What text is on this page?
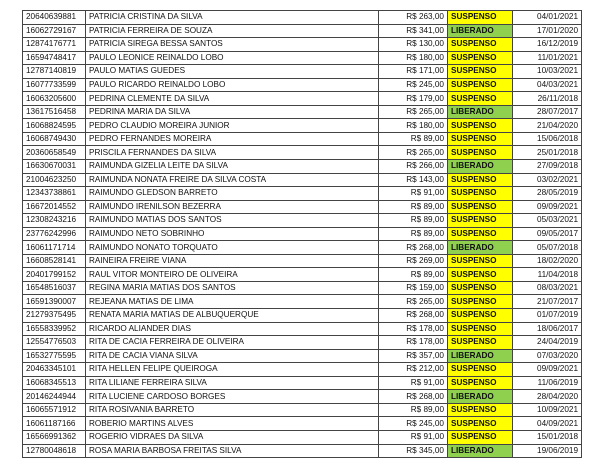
20640639881	PATRICIA CRISTINA DA SILVA	R$ 263,00	SUSPENSO	04/01/2021
16062729167	PATRICIA FERREIRA DE SOUZA	R$ 341,00	LIBERADO	17/01/2020
12874176771	PATRICIA SIREGA BESSA SANTOS	R$ 130,00	SUSPENSO	16/12/2019
16594748417	PAULO LEONICE REINALDO LOBO	R$ 180,00	SUSPENSO	11/01/2021
12787140819	PAULO MATIAS GUEDES	R$ 171,00	SUSPENSO	10/03/2021
16077733599	PAULO RICARDO REINALDO LOBO	R$ 245,00	SUSPENSO	04/03/2021
16063205600	PEDRINA CLEMENTE DA SILVA	R$ 179,00	SUSPENSO	26/11/2018
13617516458	PEDRINA MARIA DA SILVA	R$ 265,00	LIBERADO	28/07/2017
16068824595	PEDRO CLAUDIO MOREIRA JUNIOR	R$ 180,00	SUSPENSO	21/04/2020
16068749430	PEDRO FERNANDES MOREIRA	R$ 89,00	SUSPENSO	15/06/2018
20360658549	PRISCILA FERNANDES DA SILVA	R$ 265,00	SUSPENSO	25/01/2018
16630670031	RAIMUNDA GIZELIA LEITE DA SILVA	R$ 266,00	LIBERADO	27/09/2018
21004623250	RAIMUNDA NONATA FREIRE DA SILVA COSTA	R$ 143,00	SUSPENSO	03/02/2021
12343738861	RAIMUNDO GLEDSON BARRETO	R$ 91,00	SUSPENSO	28/05/2019
16672014552	RAIMUNDO IRENILSON BEZERRA	R$ 89,00	SUSPENSO	09/09/2021
12308243216	RAIMUNDO MATIAS DOS SANTOS	R$ 89,00	SUSPENSO	05/03/2021
23776242996	RAIMUNDO NETO SOBRINHO	R$ 89,00	SUSPENSO	09/05/2017
16061171714	RAIMUNDO NONATO TORQUATO	R$ 268,00	LIBERADO	05/07/2018
16608528141	RAINEIRA FREIRE VIANA	R$ 269,00	SUSPENSO	18/02/2020
20401799152	RAUL VITOR MONTEIRO DE OLIVEIRA	R$ 89,00	SUSPENSO	11/04/2018
16548516037	REGINA MARIA MATIAS DOS SANTOS	R$ 159,00	SUSPENSO	08/03/2021
16591390007	REJEANA MATIAS DE LIMA	R$ 265,00	SUSPENSO	21/07/2017
21279375495	RENATA MARIA MATIAS DE ALBUQUERQUE	R$ 268,00	SUSPENSO	01/07/2019
16558339952	RICARDO ALIANDER DIAS	R$ 178,00	SUSPENSO	18/06/2017
12554776503	RITA DE CACIA FERREIRA DE OLIVEIRA	R$ 178,00	SUSPENSO	24/04/2019
16532775595	RITA DE CACIA VIANA SILVA	R$ 357,00	LIBERADO	07/03/2020
20463345101	RITA HELLEN FELIPE QUEIROGA	R$ 212,00	SUSPENSO	09/09/2021
16068345513	RITA LILIANE FERREIRA SILVA	R$ 91,00	SUSPENSO	11/06/2019
20146244944	RITA LUCIENE CARDOSO BORGES	R$ 268,00	LIBERADO	28/04/2020
16065571912	RITA ROSIVANIA BARRETO	R$ 89,00	SUSPENSO	10/09/2021
16061187166	ROBERIO MARTINS ALVES	R$ 245,00	SUSPENSO	04/09/2021
16566991362	ROGERIO VIDRAES DA SILVA	R$ 91,00	SUSPENSO	15/01/2018
12780048618	ROSA MARIA BARBOSA FREITAS SILVA	R$ 345,00	LIBERADO	19/06/2019
